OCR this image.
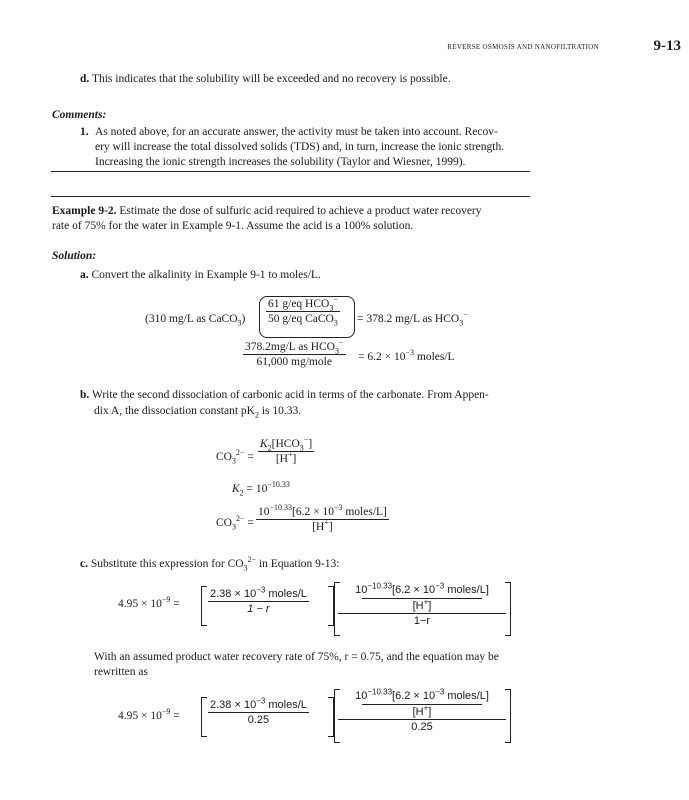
REVERSE OSMOSIS AND NANOFILTRATION	9-13
d. This indicates that the solubility will be exceeded and no recovery is possible.
Comments:
1. As noted above, for an accurate answer, the activity must be taken into account. Recov-
ery will increase the total dissolved solids (TDS) and, in turn, increase the ionic strength.
Increasing the ionic strength increases the solubility (Taylor and Wiesner, 1999).
Example 9-2. Estimate the dose of sulfuric acid required to achieve a product water recovery
rate of 75% for the water in Example 9-1. Assume the acid is a 100% solution.
Solution:
a. Convert the alkalinity in Example 9-1 to moles/L.
(310 mg/L as CaCO$_3$) $\frac{61 g/eq HCO_3^-}{50 g/eq CaCO_3} = 378.2$ mg/L as $HCO_3^-$
$\frac{378.2mg/L as HCO_3^-}{\text{61,000 mg/mole}} = 6.2 \times 10^{-3}$ moles/L
b. Write the second dissociation of carbonic acid in terms of the carbonate. From Appen-
dix A, the dissociation constant $pK_2$ is 10.33.
$CO_3^{2-} = \frac{K_2[HCO_3^-]}{[H^+]}$
$K_2 = 10^{-10.33}$
$CO_3^{2-} = \frac{10^{-10.33}[6.2 \times 10^{-3} moles/L]}{[H^+]}$
c. Substitute this expression for $CO_3^{2-}$ in Equation 9-13:
$4.95 \times 10^{-9}$ =	$\frac{2.38 \times 10^{-3} moles/L}{1 - r}$	$10^{-10.33}[6.2 \times 10^{-3}$ moles/L]
[H+]
1−r
With an assumed product water recovery rate of 75%, r = 0.75, and the equation may be
rewritten as
$4.95 \times 10^{-9}$ =	$\frac{2.38 \times 10^{-3} moles/L}{0.25}$
$10^{-10.33}[6.2 \times 10^{-3}$ moles/L]
[H+]
0.25
